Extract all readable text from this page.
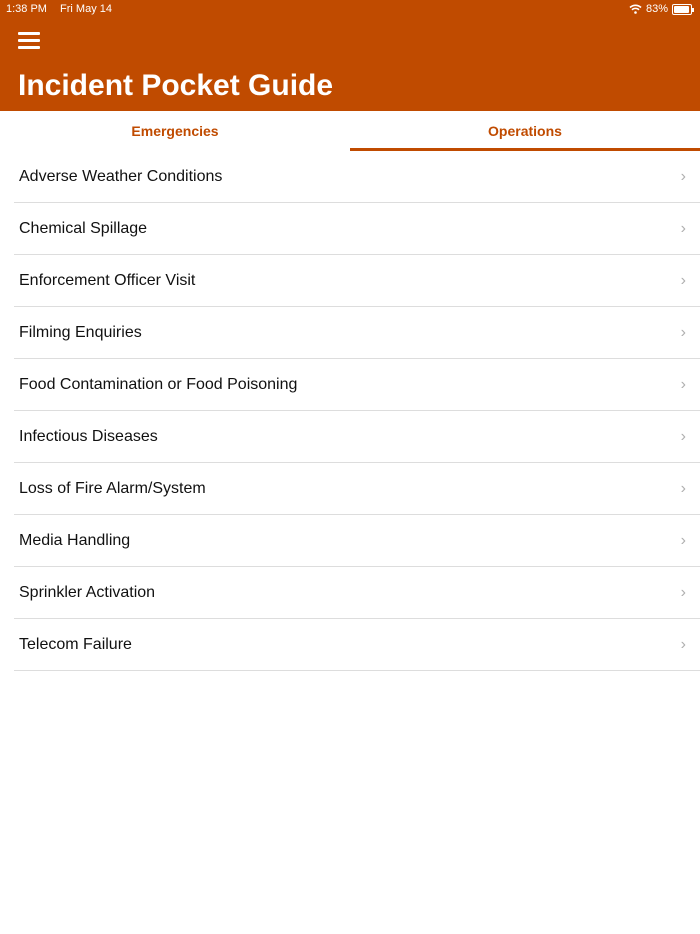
1:38 PM Fri May 14	83%
Incident Pocket Guide
Emergencies	Operations
Adverse Weather Conditions	›
Chemical Spillage	›
Enforcement Officer Visit	›
Filming Enquiries	›
Food Contamination or Food Poisoning	›
Infectious Diseases	›
Loss of Fire Alarm/System	›
Media Handling	›
Sprinkler Activation	›
Telecom Failure	›
